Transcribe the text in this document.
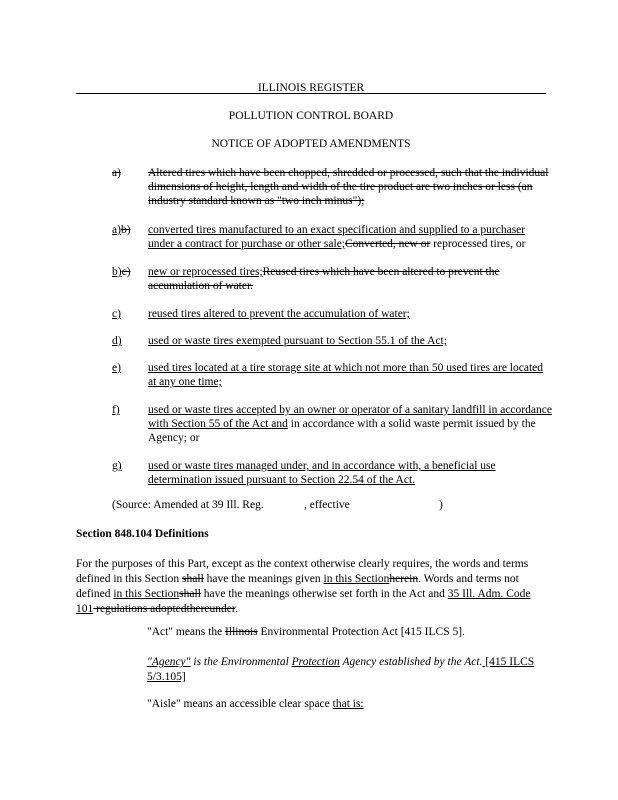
ILLINOIS REGISTER
POLLUTION CONTROL BOARD
NOTICE OF ADOPTED AMENDMENTS
a)	Altered tires which have been chopped, shredded or processed, such that the individual dimensions of height, length and width of the tire product are two inches or less (an industry standard known as "two inch minus");
a)b)	converted tires manufactured to an exact specification and supplied to a purchaser under a contract for purchase or other sale;Converted, new or reprocessed tires, or
b)c)	new or reprocessed tires;Reused tires which have been altered to prevent the accumulation of water.
c)	reused tires altered to prevent the accumulation of water;
d)	used or waste tires exempted pursuant to Section 55.1 of the Act;
e)	used tires located at a tire storage site at which not more than 50 used tires are located at any one time;
f)	used or waste tires accepted by an owner or operator of a sanitary landfill in accordance with Section 55 of the Act and in accordance with a solid waste permit issued by the Agency; or
g)	used or waste tires managed under, and in accordance with, a beneficial use determination issued pursuant to Section 22.54 of the Act.
(Source: Amended at 39 Ill. Reg.	, effective	)
Section 848.104 Definitions
For the purposes of this Part, except as the context otherwise clearly requires, the words and terms defined in this Section shall have the meanings given in this Sectionherein. Words and terms not defined in this Sectionshall have the meanings otherwise set forth in the Act and 35 Ill. Adm. Code 101 regulations adoptedthereunder.
"Act" means the Illinois Environmental Protection Act [415 ILCS 5].
"Agency" is the Environmental Protection Agency established by the Act. [415 ILCS 5/3.105]
"Aisle" means an accessible clear space that is:
